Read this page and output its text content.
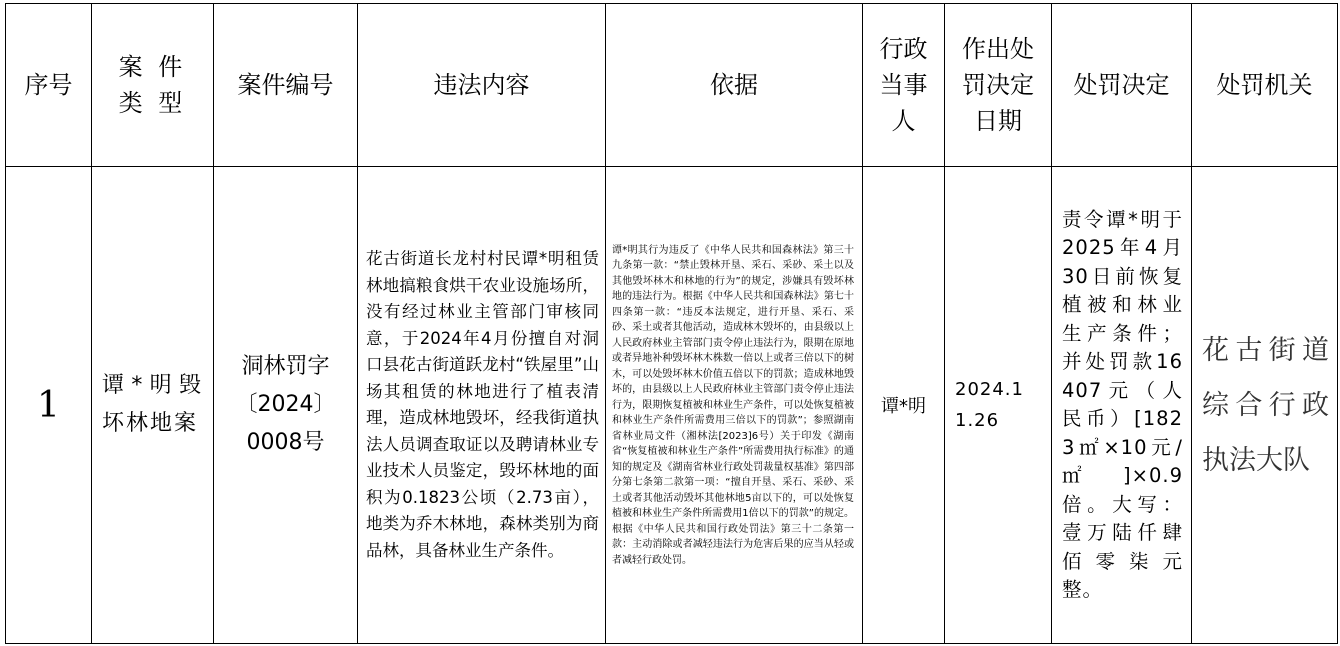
序号	案 件 类 型	案件编号	违法内容	依据	行政当事人	作出处罚决定日期	处罚决定	处罚机关

1	谭*明毁坏林地案	洞林罚字〔2024〕0008号	花古街道长龙村村民谭*明租赁林地搞粮食烘干农业设施场所，没有经过林业主管部门审核同意，于2024年4月份擅自对洞口县花古街道跃龙村“铁屋里”山场其租赁的林地进行了植表清理，造成林地毁坏，经我街道执法人员调查取证以及聘请林业专业技术人员鉴定，毁坏林地的面积为0.1823公顷（2.73亩），地类为乔木林地，森林类别为商品林，具备林业生产条件。	谭*明其行为违反了《中华人民共和国森林法》第三十九条第一款：“禁止毁林开垦、采石、采砂、采土以及其他毁坏林木和林地的行为”的规定，涉嫌具有毁坏林地的违法行为。根据《中华人民共和国森林法》第七十四条第一款：“违反本法规定，进行开垦、采石、采砂、采土或者其他活动，造成林木毁坏的，由县级以上人民政府林业主管部门责令停止违法行为，限期在原地或者异地补种毁坏林木株数一倍以上或者三倍以下的树木，可以处毁坏林木价值五倍以下的罚款；造成林地毁坏的，由县级以上人民政府林业主管部门责令停止违法行为，限期恢复植被和林业生产条件，可以处恢复植被和林业生产条件所需费用三倍以下的罚款”；参照湖南省林业局文件（湘林法[2023]6号）关于印发《湖南省“恢复植被和林业生产条件”所需费用执行标准》的通知的规定及《湖南省林业行政处罚裁量权基准》第四部分第七条第二款第一项：“擅自开垦、采石、采砂、采土或者其他活动毁坏其他林地5亩以下的，可以处恢复植被和林业生产条件所需费用1倍以下的罚款”的规定。根据《中华人民共和国行政处罚法》第三十二条第一款：主动消除或者减轻违法行为危害后果的应当从轻或者减轻行政处罚。	谭*明	2024.11.26	责令谭*明于2025年4月30日前恢复植被和林业生产条件；并处罚款16407元（人民币）[1823㎡×10元/㎡]×0.9倍。大写：壹万陆仟肆佰零柒元整。	花古街道综合行政执法大队
